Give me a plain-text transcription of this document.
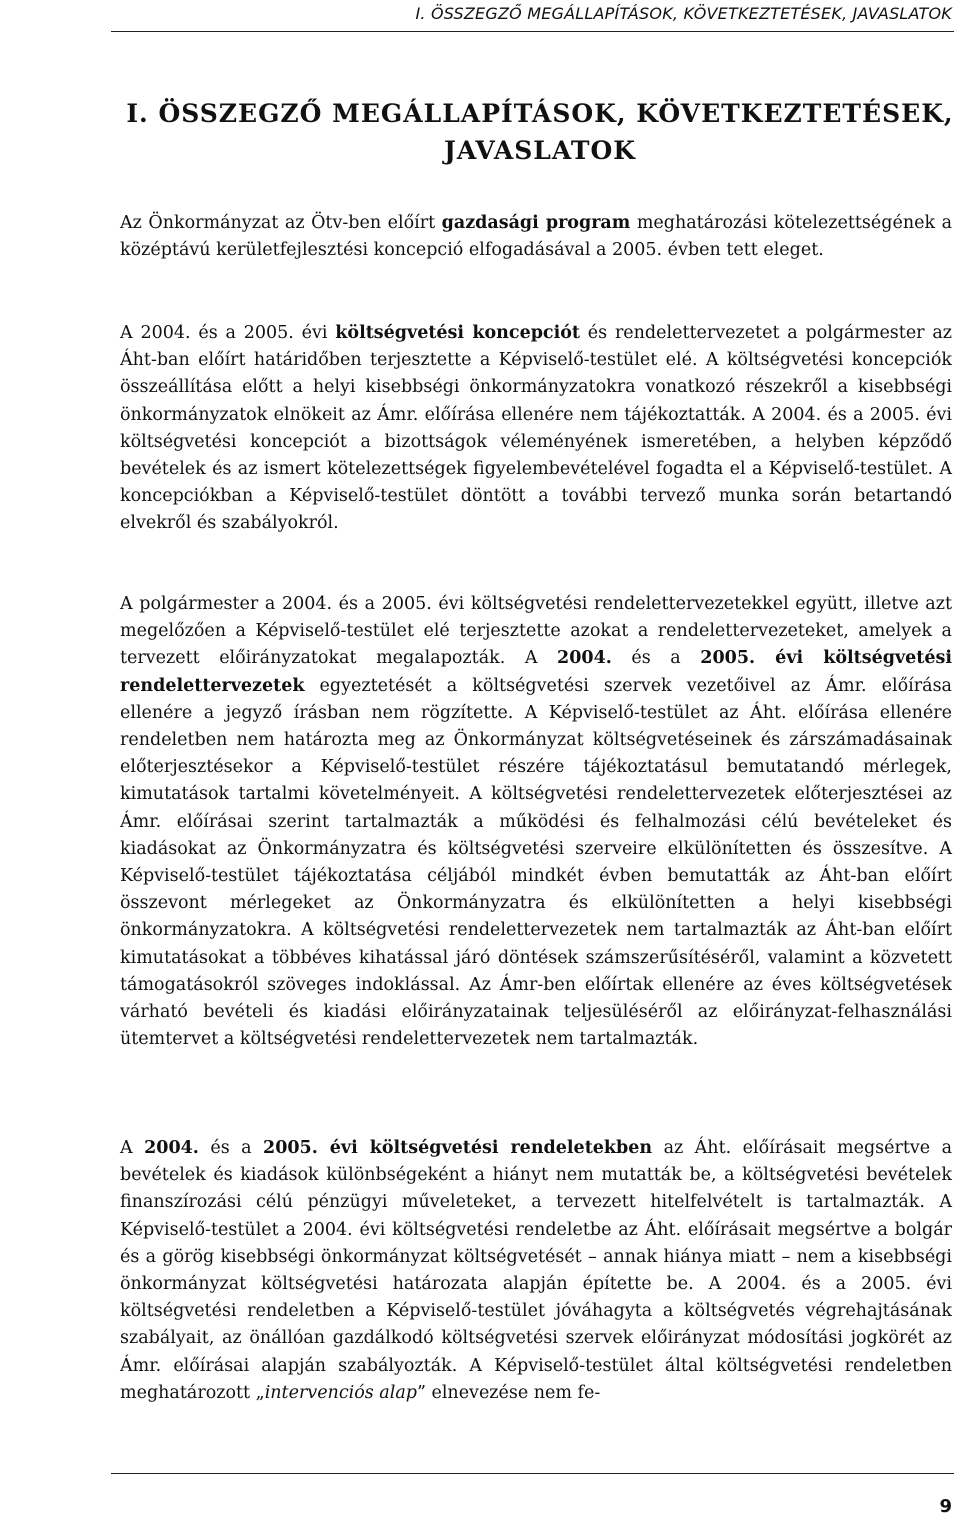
I. ÖSSZEGZŐ MEGÁLLAPÍTÁSOK, KÖVETKEZTETÉSEK, JAVASLATOK
I. ÖSSZEGZŐ MEGÁLLAPÍTÁSOK, KÖVETKEZTETÉSEK,
JAVASLATOK

Az Önkormányzat az Ötv-ben előírt gazdasági program meghatározási kötelezettségének a középtávú kerületfejlesztési koncepció elfogadásával a 2005. évben tett eleget.

A 2004. és a 2005. évi költségvetési koncepciót és rendelettervezetet a polgármester az Áht-ban előírt határidőben terjesztette a Képviselő-testület elé. A költségvetési koncepciók összeállítása előtt a helyi kisebbségi önkormányzatokra vonatkozó részekről a kisebbségi önkormányzatok elnökeit az Ámr. előírása ellenére nem tájékoztatták. A 2004. és a 2005. évi költségvetési koncepciót a bizottságok véleményének ismeretében, a helyben képződő bevételek és az ismert kötelezettségek figyelembevételével fogadta el a Képviselő-testület. A koncepciókban a Képviselő-testület döntött a további tervező munka során betartandó elvekről és szabályokról.

A polgármester a 2004. és a 2005. évi költségvetési rendelettervezetekkel együtt, illetve azt megelőzően a Képviselő-testület elé terjesztette azokat a rendelettervezeteket, amelyek a tervezett előirányzatokat megalapozták. A 2004. és a 2005. évi költségvetési rendelettervezetek egyeztetését a költségvetési szervek vezetőivel az Ámr. előírása ellenére a jegyző írásban nem rögzítette. A Képviselő-testület az Áht. előírása ellenére rendeletben nem határozta meg az Önkormányzat költségvetéseinek és zárszámadásainak előterjesztésekor a Képviselő-testület részére tájékoztatásul bemutatandó mérlegek, kimutatások tartalmi követelményeit. A költségvetési rendelettervezetek előterjesztései az Ámr. előírásai szerint tartalmazták a működési és felhalmozási célú bevételeket és kiadásokat az Önkormányzatra és költségvetési szerveire elkülönítetten és összesítve. A Képviselő-testület tájékoztatása céljából mindkét évben bemutatták az Áht-ban előírt összevont mérlegeket az Önkormányzatra és elkülönítetten a helyi kisebbségi önkormányzatokra. A költségvetési rendelettervezetek nem tartalmazták az Áht-ban előírt kimutatásokat a többéves kihatással járó döntések számszerűsítéséről, valamint a közvetett támogatásokról szöveges indoklással. Az Ámr-ben előírtak ellenére az éves költségvetések várható bevételi és kiadási előirányzatainak teljesüléséről az előirányzat-felhasználási ütemtervet a költségvetési rendelettervezetek nem tartalmazták.

A 2004. és a 2005. évi költségvetési rendeletekben az Áht. előírásait megsértve a bevételek és kiadások különbségeként a hiányt nem mutatták be, a költségvetési bevételek finanszírozási célú pénzügyi műveleteket, a tervezett hitelfelvételt is tartalmazták. A Képviselő-testület a 2004. évi költségvetési rendeletbe az Áht. előírásait megsértve a bolgár és a görög kisebbségi önkormányzat költségvetését – annak hiánya miatt – nem a kisebbségi önkormányzat költségvetési határozata alapján építette be. A 2004. és a 2005. évi költségvetési rendeletben a Képviselő-testület jóváhagyta a költségvetés végrehajtásának szabályait, az önállóan gazdálkodó költségvetési szervek előirányzat módosítási jogkörét az Ámr. előírásai alapján szabályozták. A Képviselő-testület által költségvetési rendeletben meghatározott „intervenciós alap” elnevezése nem fe-

9
